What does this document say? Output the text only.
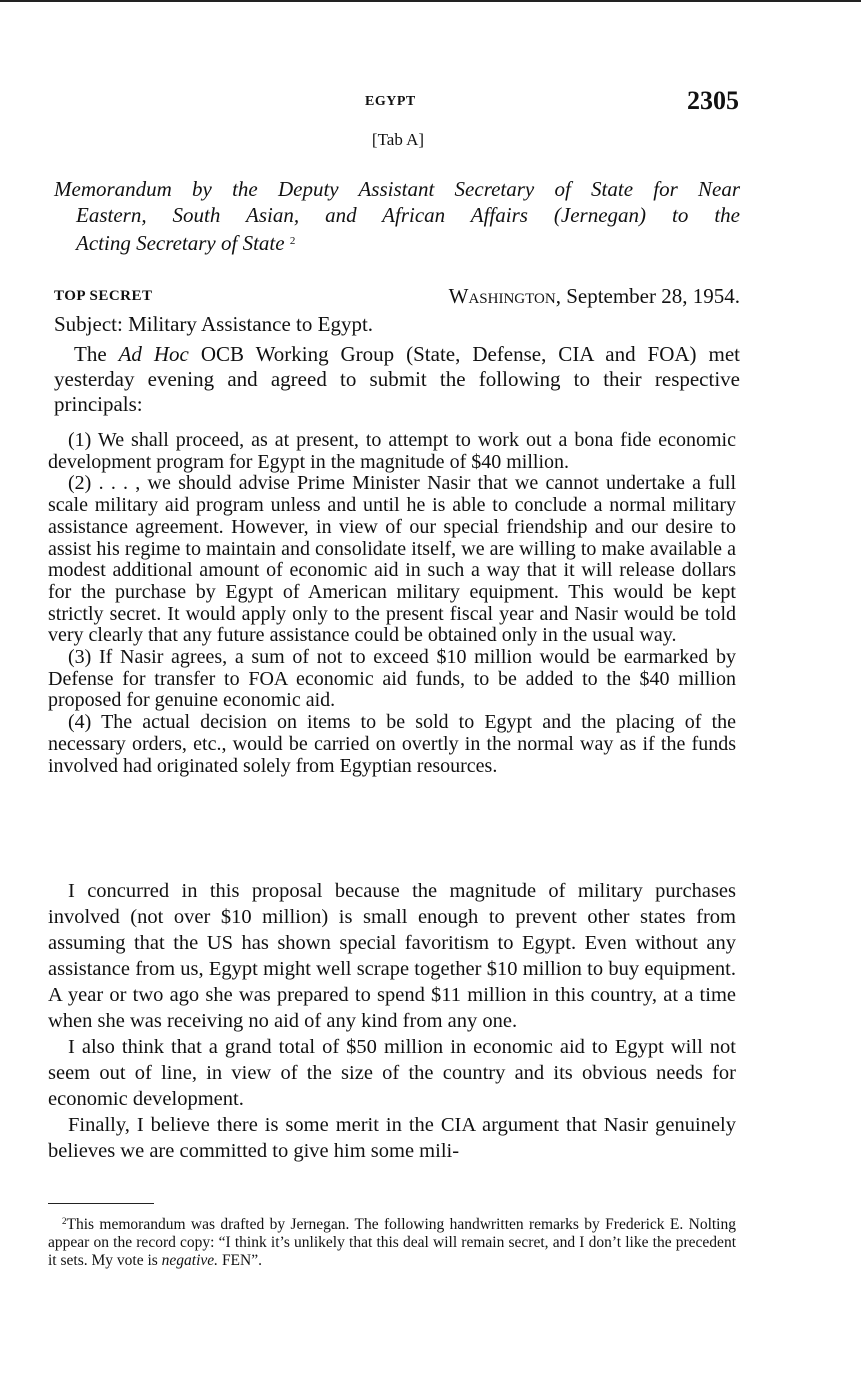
EGYPT	2305
[Tab A]
Memorandum by the Deputy Assistant Secretary of State for Near
Eastern, South Asian, and African Affairs (Jernegan) to the
Acting Secretary of State $^2$
TOP SECRET	Washington, September 28, 1954.
Subject: Military Assistance to Egypt.

The Ad Hoc OCB Working Group (State, Defense, CIA and FOA) met yesterday evening and agreed to submit the following to their respective principals:

(1) We shall proceed, as at present, to attempt to work out a bona fide economic development program for Egypt in the magnitude of $40 million.

(2) . . . , we should advise Prime Minister Nasir that we cannot undertake a full scale military aid program unless and until he is able to conclude a normal military assistance agreement. However, in view of our special friendship and our desire to assist his regime to maintain and consolidate itself, we are willing to make available a modest additional amount of economic aid in such a way that it will release dollars for the purchase by Egypt of American military equipment. This would be kept strictly secret. It would apply only to the present fiscal year and Nasir would be told very clearly that any future assistance could be obtained only in the usual way.

(3) If Nasir agrees, a sum of not to exceed $10 million would be earmarked by Defense for transfer to FOA economic aid funds, to be added to the $40 million proposed for genuine economic aid.

(4) The actual decision on items to be sold to Egypt and the placing of the necessary orders, etc., would be carried on overtly in the normal way as if the funds involved had originated solely from Egyptian resources.

I concurred in this proposal because the magnitude of military purchases involved (not over $10 million) is small enough to prevent other states from assuming that the US has shown special favoritism to Egypt. Even without any assistance from us, Egypt might well scrape together $10 million to buy equipment. A year or two ago she was prepared to spend $11 million in this country, at a time when she was receiving no aid of any kind from any one.

I also think that a grand total of $50 million in economic aid to Egypt will not seem out of line, in view of the size of the country and its obvious needs for economic development.

Finally, I believe there is some merit in the CIA argument that Nasir genuinely believes we are committed to give him some mili-

$^2$This memorandum was drafted by Jernegan. The following handwritten remarks by Frederick E. Nolting appear on the record copy: “I think it’s unlikely that this deal will remain secret, and I don’t like the precedent it sets. My vote is negative. FEN”.
